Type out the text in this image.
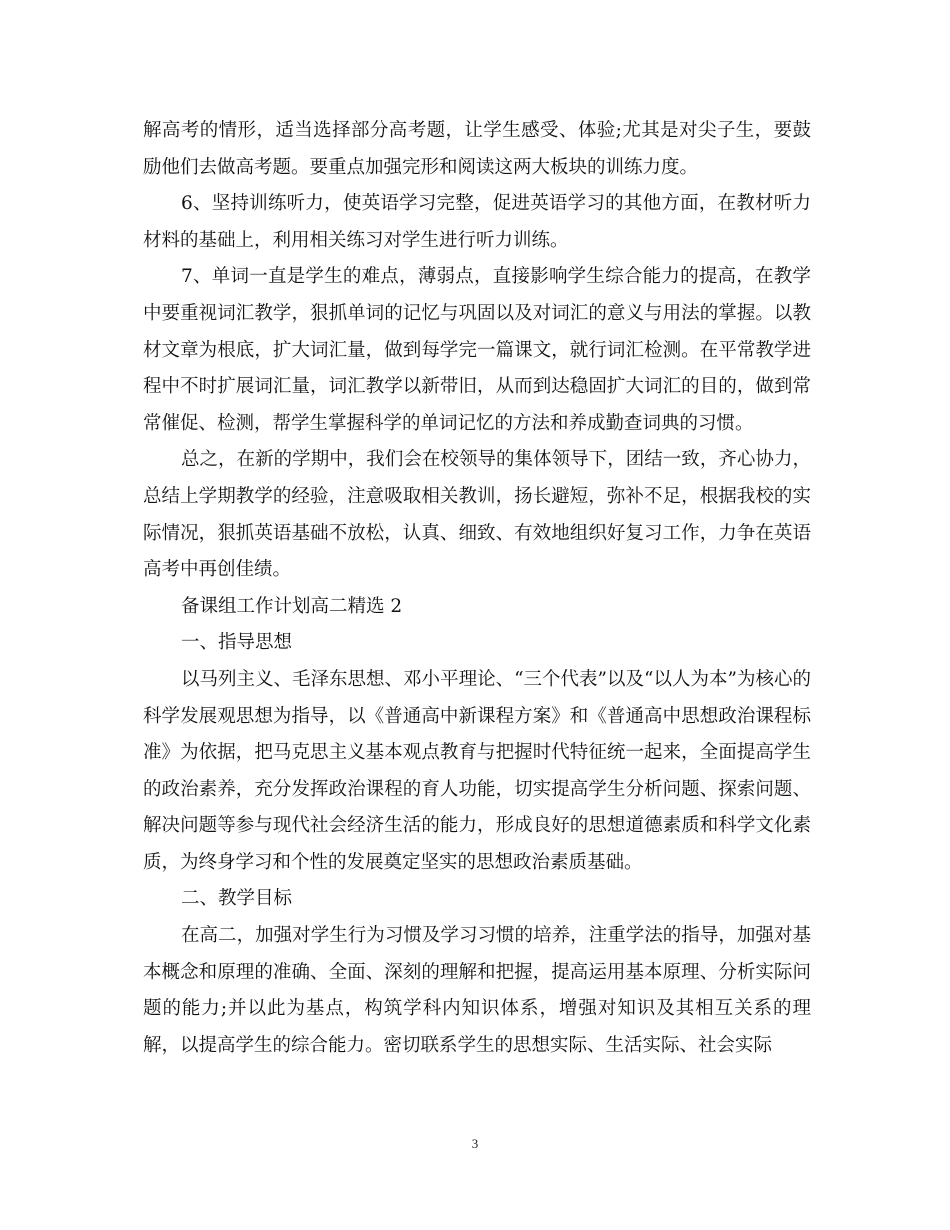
解高考的情形，适当选择部分高考题，让学生感受、体验;尤其是对尖子生，要鼓励他们去做高考题。要重点加强完形和阅读这两大板块的训练力度。

6、坚持训练听力，使英语学习完整，促进英语学习的其他方面，在教材听力材料的基础上，利用相关练习对学生进行听力训练。

7、单词一直是学生的难点，薄弱点，直接影响学生综合能力的提高，在教学中要重视词汇教学，狠抓单词的记忆与巩固以及对词汇的意义与用法的掌握。以教材文章为根底，扩大词汇量，做到每学完一篇课文，就行词汇检测。在平常教学进程中不时扩展词汇量，词汇教学以新带旧，从而到达稳固扩大词汇的目的，做到常常催促、检测，帮学生掌握科学的单词记忆的方法和养成勤查词典的习惯。

总之，在新的学期中，我们会在校领导的集体领导下，团结一致，齐心协力，总结上学期教学的经验，注意吸取相关教训，扬长避短，弥补不足，根据我校的实际情况，狠抓英语基础不放松，认真、细致、有效地组织好复习工作，力争在英语高考中再创佳绩。

备课组工作计划高二精选 2

一、指导思想

以马列主义、毛泽东思想、邓小平理论、“三个代表”以及“以人为本”为核心的科学发展观思想为指导，以《普通高中新课程方案》和《普通高中思想政治课程标准》为依据，把马克思主义基本观点教育与把握时代特征统一起来，全面提高学生的政治素养，充分发挥政治课程的育人功能，切实提高学生分析问题、探索问题、解决问题等参与现代社会经济生活的能力，形成良好的思想道德素质和科学文化素质，为终身学习和个性的发展奠定坚实的思想政治素质基础。

二、教学目标

在高二，加强对学生行为习惯及学习习惯的培养，注重学法的指导，加强对基本概念和原理的准确、全面、深刻的理解和把握，提高运用基本原理、分析实际问题的能力;并以此为基点，构筑学科内知识体系，增强对知识及其相互关系的理解，以提高学生的综合能力。密切联系学生的思想实际、生活实际、社会实际

3
